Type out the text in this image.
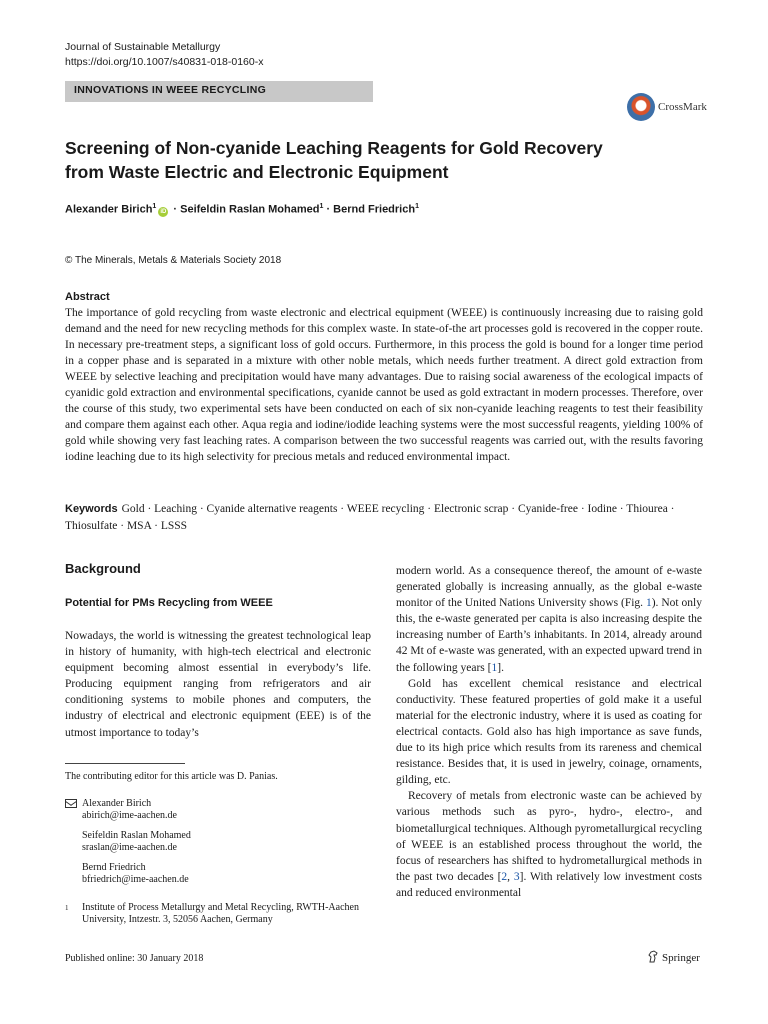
Journal of Sustainable Metallurgy
https://doi.org/10.1007/s40831-018-0160-x
INNOVATIONS IN WEEE RECYCLING
CrossMark
Screening of Non-cyanide Leaching Reagents for Gold Recovery
from Waste Electric and Electronic Equipment
Alexander Birich$^1$iD · Seifeldin Raslan Mohamed$^1$ · Bernd Friedrich$^1$
© The Minerals, Metals & Materials Society 2018
Abstract
The importance of gold recycling from waste electronic and electrical equipment (WEEE) is continuously increasing due to raising gold demand and the need for new recycling methods for this complex waste. In state-of-the art processes gold is recovered in the copper route. In necessary pre-treatment steps, a significant loss of gold occurs. Furthermore, in this process the gold is bound for a longer time period in a copper phase and is separated in a mixture with other noble metals, which needs further treatment. A direct gold extraction from WEEE by selective leaching and precipitation would have many advantages. Due to raising social awareness of the ecological impacts of cyanidic gold extraction and environmental specifications, cyanide cannot be used as gold extractant in modern processes. Therefore, over the course of this study, two experimental sets have been conducted on each of six non-cyanide leaching reagents to test their feasibility and compare them against each other. Aqua regia and iodine/iodide leaching systems were the most successful reagents, yielding 100% of gold while showing very fast leaching rates. A comparison between the two successful reagents was carried out, with the results favoring iodine leaching due to its high selectivity for precious metals and reduced environmental impact.
Keywords Gold · Leaching · Cyanide alternative reagents · WEEE recycling · Electronic scrap · Cyanide-free · Iodine · Thiourea · Thiosulfate · MSA · LSSS
Background
Potential for PMs Recycling from WEEE
Nowadays, the world is witnessing the greatest technological leap in history of humanity, with high-tech electrical and electronic equipment becoming almost essential in everybody’s life. Producing equipment ranging from refrigerators and air conditioning systems to mobile phones and computers, the industry of electrical and electronic equipment (EEE) is of the utmost importance to today’s
modern world. As a consequence thereof, the amount of e-waste generated globally is increasing annually, as the global e-waste monitor of the United Nations University shows (Fig. 1). Not only this, the e-waste generated per capita is also increasing despite the increasing number of Earth’s inhabitants. In 2014, already around 42 Mt of e-waste was generated, with an expected upward trend in the following years [1].
Gold has excellent chemical resistance and electrical conductivity. These featured properties of gold make it a useful material for the electronic industry, where it is used as coating for electrical contacts. Gold also has high importance as save funds, due to its high price which results from its rareness and chemical resistance. Besides that, it is used in jewelry, coinage, ornaments, gilding, etc.
Recovery of metals from electronic waste can be achieved by various methods such as pyro-, hydro-, electro-, and biometallurgical techniques. Although pyrometallurgical recycling of WEEE is an established process throughout the world, the focus of researchers has shifted to hydrometallurgical methods in the past two decades [2, 3]. With relatively low investment costs and reduced environmental
The contributing editor for this article was D. Panias.
Alexander Birich
abirich@ime-aachen.de
Seifeldin Raslan Mohamed
sraslan@ime-aachen.de
Bernd Friedrich
bfriedrich@ime-aachen.de
1 Institute of Process Metallurgy and Metal Recycling, RWTH-Aachen University, Intzestr. 3, 52056 Aachen, Germany
Published online: 30 January 2018	Springer
